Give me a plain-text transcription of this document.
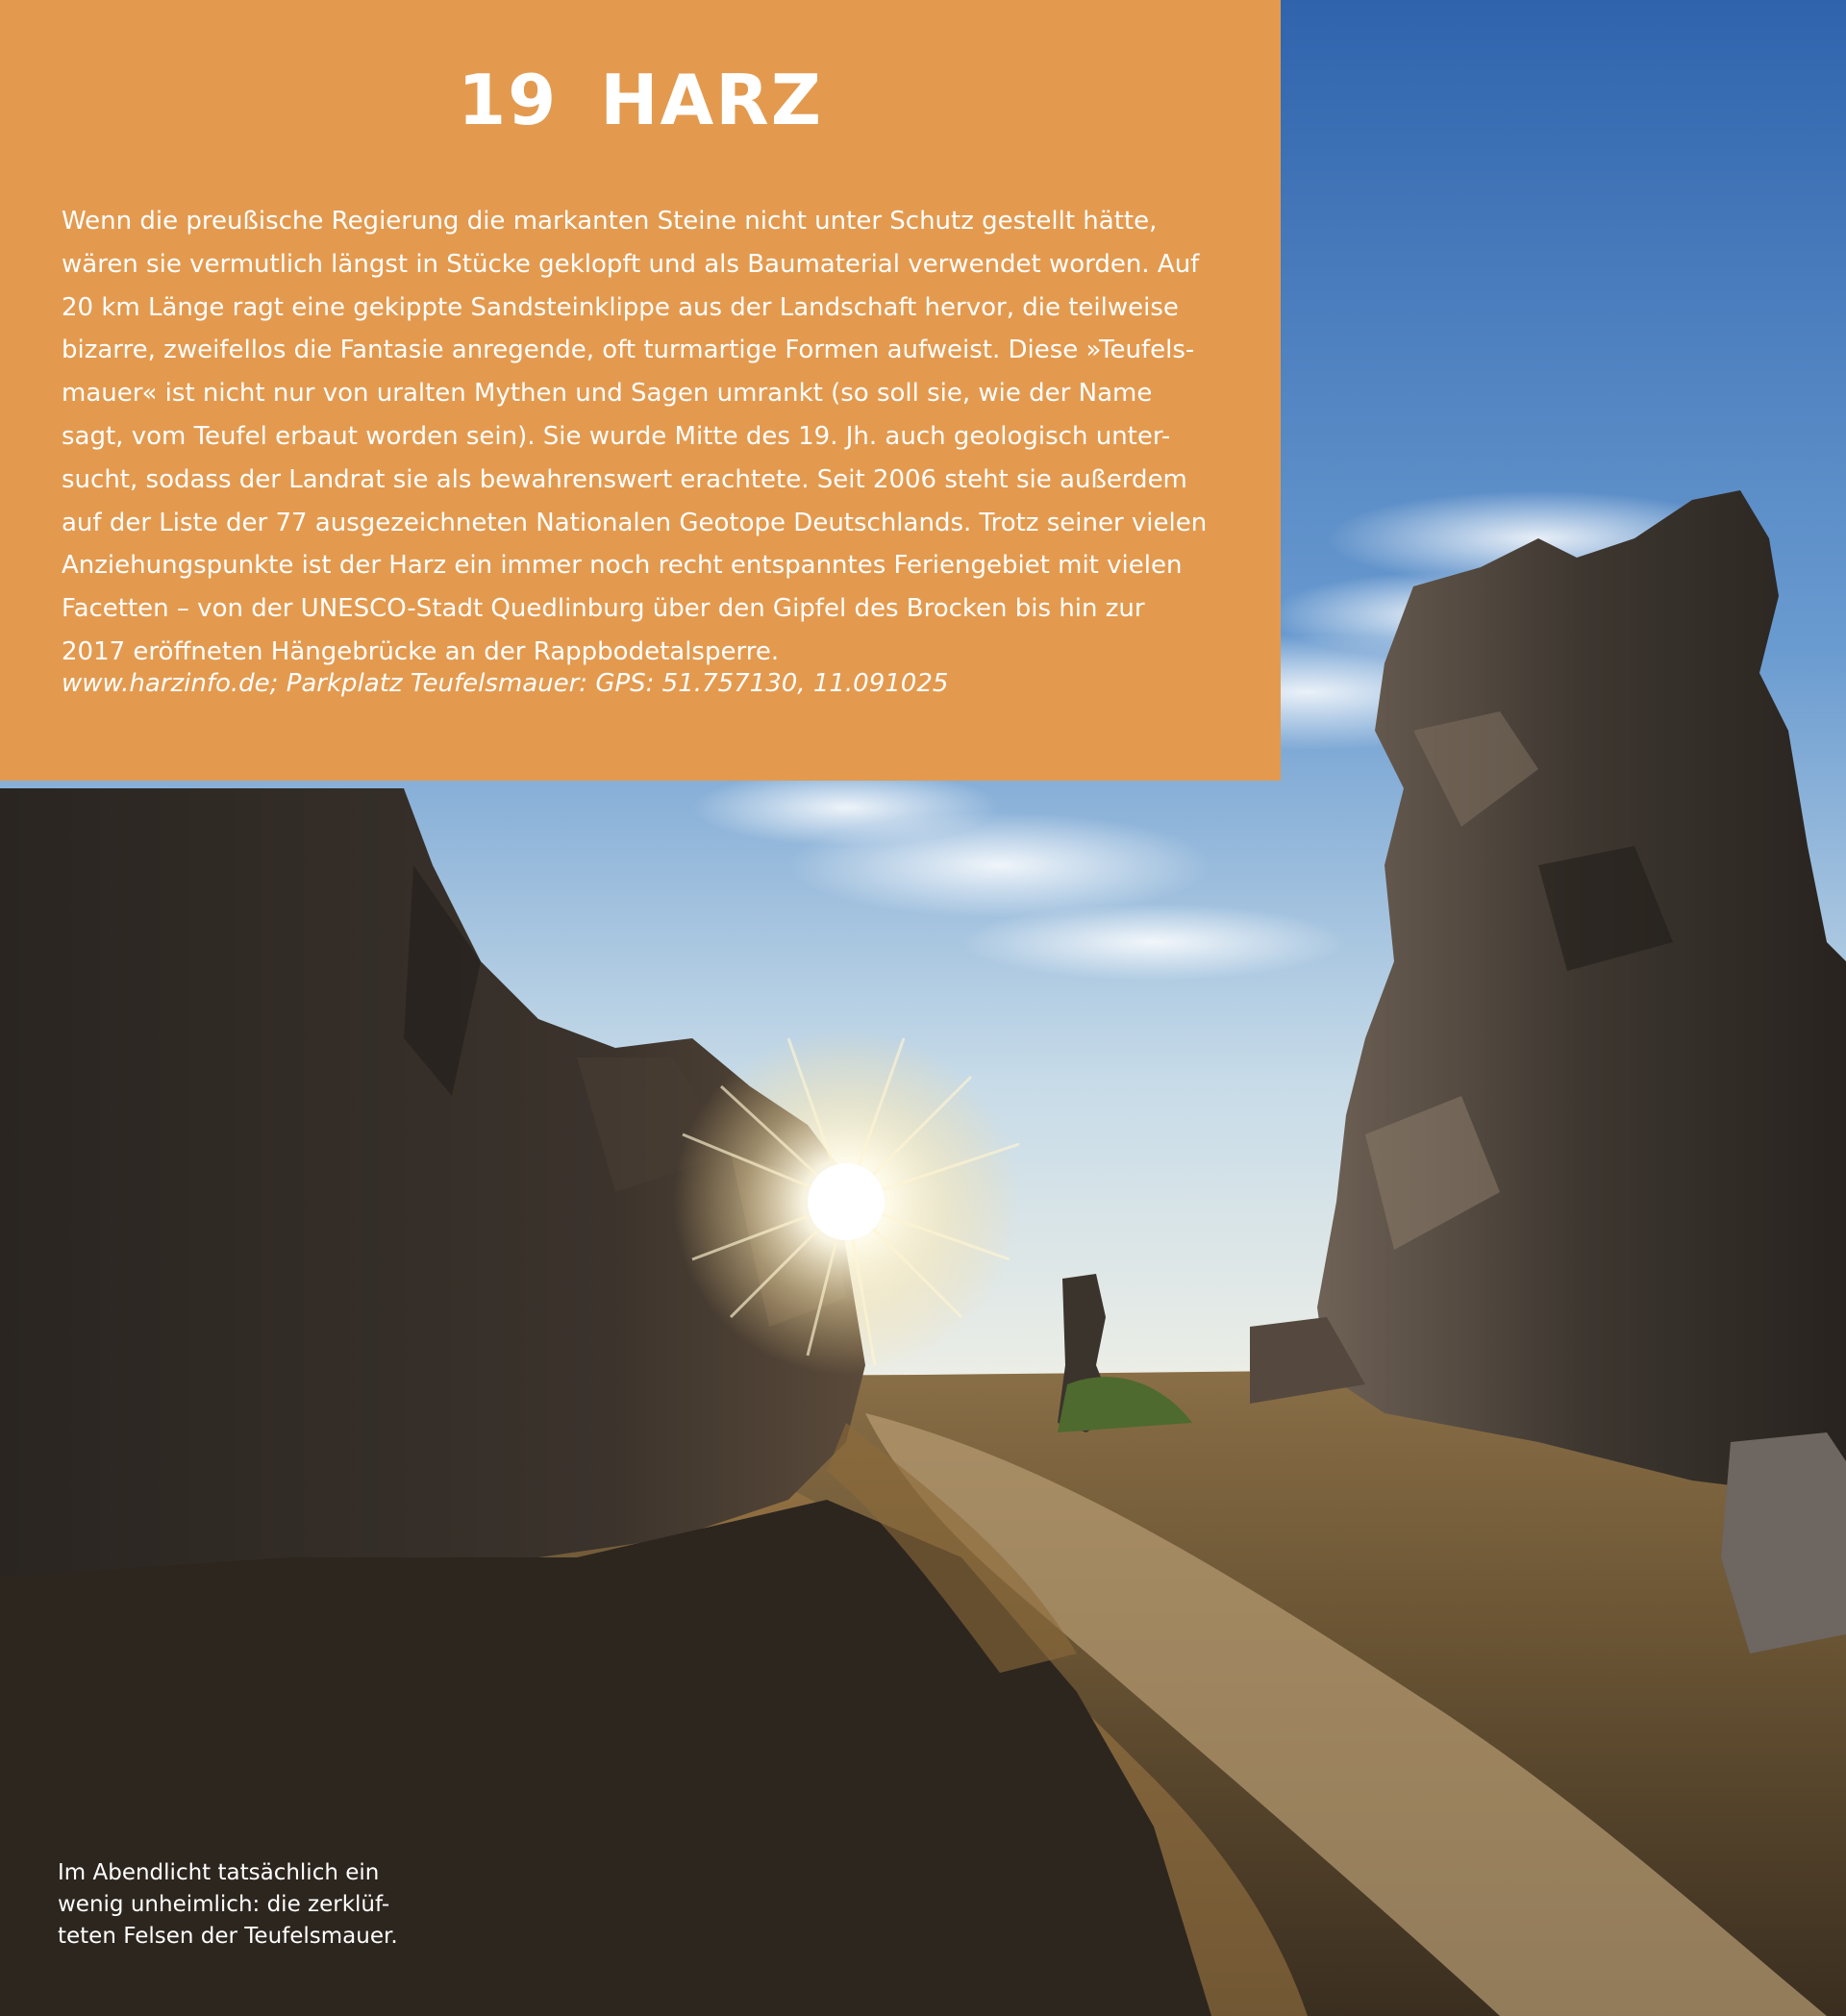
19 HARZ
Wenn die preußische Regierung die markanten Steine nicht unter Schutz gestellt hätte,
wären sie vermutlich längst in Stücke geklopft und als Baumaterial verwendet worden. Auf
20 km Länge ragt eine gekippte Sandsteinklippe aus der Landschaft hervor, die teilweise
bizarre, zweifellos die Fantasie anregende, oft turmartige Formen aufweist. Diese »Teufels-
mauer« ist nicht nur von uralten Mythen und Sagen umrankt (so soll sie, wie der Name
sagt, vom Teufel erbaut worden sein). Sie wurde Mitte des 19. Jh. auch geologisch unter-
sucht, sodass der Landrat sie als bewahrenswert erachtete. Seit 2006 steht sie außerdem
auf der Liste der 77 ausgezeichneten Nationalen Geotope Deutschlands. Trotz seiner vielen
Anziehungspunkte ist der Harz ein immer noch recht entspanntes Feriengebiet mit vielen
Facetten – von der UNESCO-Stadt Quedlinburg über den Gipfel des Brocken bis hin zur
2017 eröffneten Hängebrücke an der Rappbodetalsperre.
www.harzinfo.de; Parkplatz Teufelsmauer: GPS: 51.757130, 11.091025
Im Abendlicht tatsächlich ein
wenig unheimlich: die zerklüf-
teten Felsen der Teufelsmauer.
